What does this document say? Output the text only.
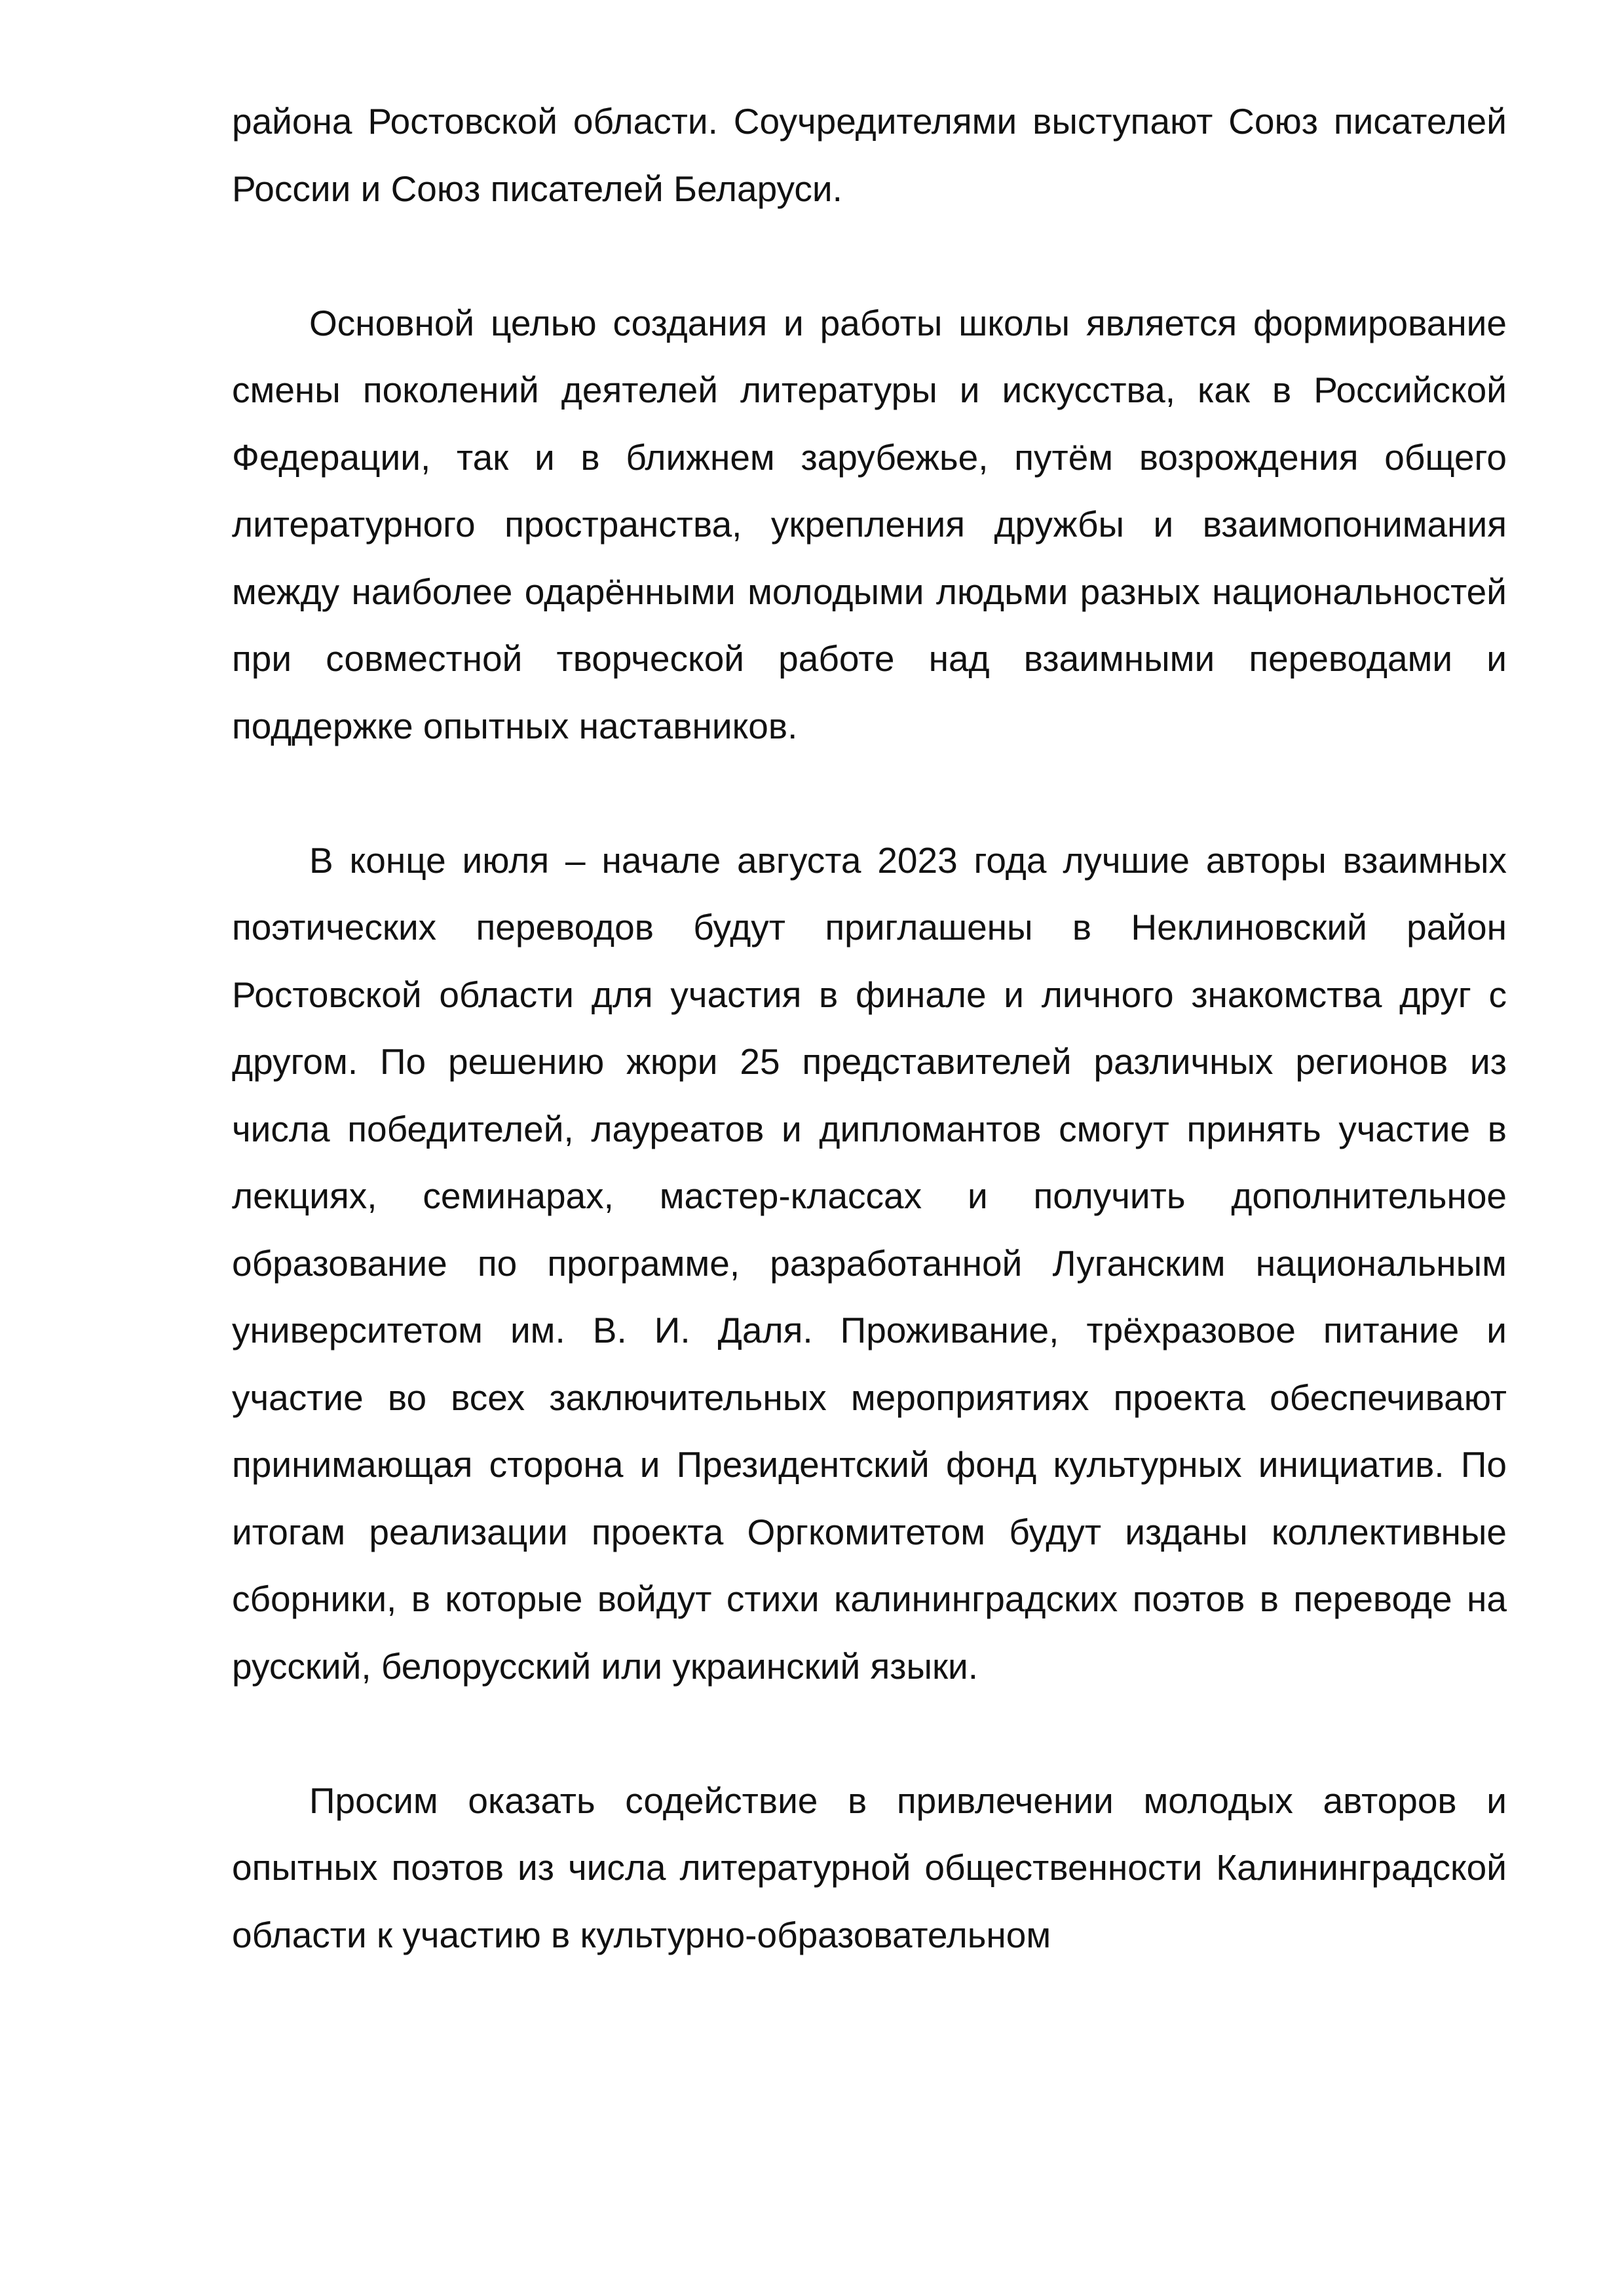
района Ростовской области. Соучредителями выступают Союз писателей России и Союз писателей Беларуси.

Основной целью создания и работы школы является формирование смены поколений деятелей литературы и искусства, как в Российской Федерации, так и в ближнем зарубежье, путём возрождения общего литературного пространства, укрепления дружбы и взаимопонимания между наиболее одарёнными молодыми людьми разных национальностей при совместной творческой работе над взаимными переводами и поддержке опытных наставников.

В конце июля – начале августа 2023 года лучшие авторы взаимных поэтических переводов будут приглашены в Неклиновский район Ростовской области для участия в финале и личного знакомства друг с другом. По решению жюри 25 представителей различных регионов из числа победителей, лауреатов и дипломантов смогут принять участие в лекциях, семинарах, мастер-классах и получить дополнительное образование по программе, разработанной Луганским национальным университетом им. В. И. Даля. Проживание, трёхразовое питание и участие во всех заключительных мероприятиях проекта обеспечивают принимающая сторона и Президентский фонд культурных инициатив. По итогам реализации проекта Оргкомитетом будут изданы коллективные сборники, в которые войдут стихи калининградских поэтов в переводе на русский, белорусский или украинский языки.

Просим оказать содействие в привлечении молодых авторов и опытных поэтов из числа литературной общественности Калининградской области к участию в культурно-образовательном
